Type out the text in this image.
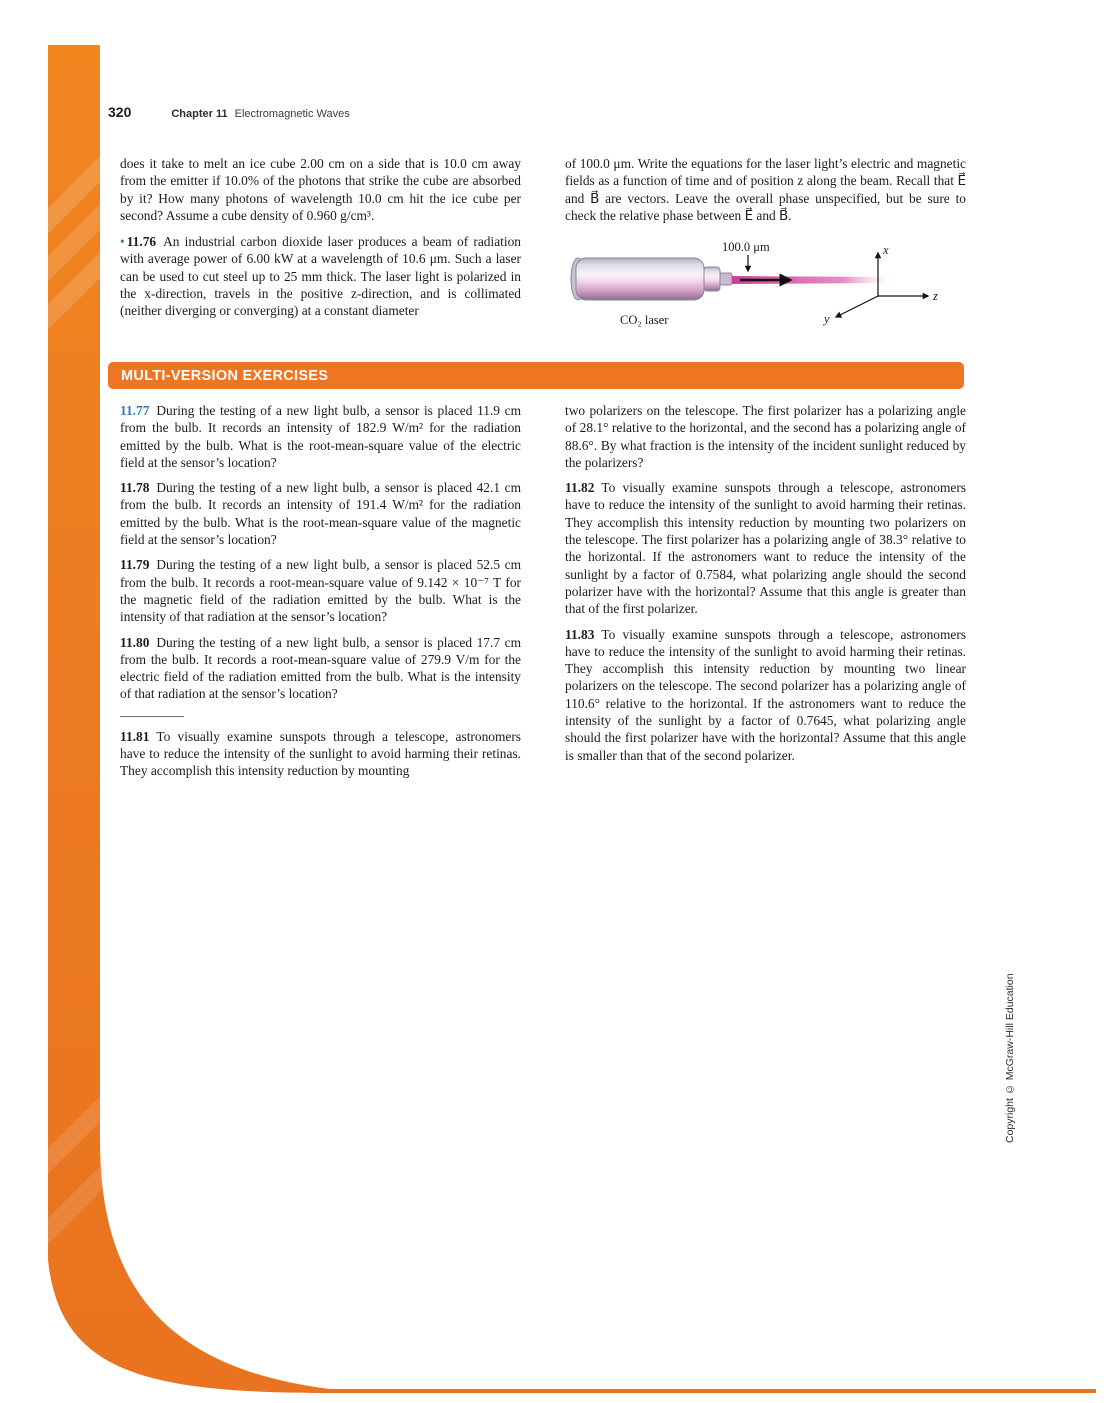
320	Chapter 11 Electromagnetic Waves

does it take to melt an ice cube 2.00 cm on a side that is 10.0 cm away from the emitter if 10.0% of the photons that strike the cube are absorbed by it? How many photons of wavelength 10.0 cm hit the ice cube per second? Assume a cube density of 0.960 g/cm³.

• 11.76 An industrial carbon dioxide laser produces a beam of radiation with average power of 6.00 kW at a wavelength of 10.6 μm. Such a laser can be used to cut steel up to 25 mm thick. The laser light is polarized in the x-direction, travels in the positive z-direction, and is collimated (neither diverging or converging) at a constant diameter

of 100.0 μm. Write the equations for the laser light’s electric and magnetic fields as a function of time and of position z along the beam. Recall that E⃗ and B⃗ are vectors. Leave the overall phase unspecified, but be sure to check the relative phase between E⃗ and B⃗.

100.0 μm
CO₂ laser
x
z
y
MULTI-VERSION EXERCISES
11.77 During the testing of a new light bulb, a sensor is placed 11.9 cm from the bulb. It records an intensity of 182.9 W/m² for the radiation emitted by the bulb. What is the root-mean-square value of the electric field at the sensor’s location?
11.78 During the testing of a new light bulb, a sensor is placed 42.1 cm from the bulb. It records an intensity of 191.4 W/m² for the radiation emitted by the bulb. What is the root-mean-square value of the magnetic field at the sensor’s location?
11.79 During the testing of a new light bulb, a sensor is placed 52.5 cm from the bulb. It records a root-mean-square value of 9.142 × 10⁻⁷ T for the magnetic field of the radiation emitted by the bulb. What is the intensity of that radiation at the sensor’s location?
11.80 During the testing of a new light bulb, a sensor is placed 17.7 cm from the bulb. It records a root-mean-square value of 279.9 V/m for the electric field of the radiation emitted from the bulb. What is the intensity of that radiation at the sensor’s location?
11.81 To visually examine sunspots through a telescope, astronomers have to reduce the intensity of the sunlight to avoid harming their retinas. They accomplish this intensity reduction by mounting

two polarizers on the telescope. The first polarizer has a polarizing angle of 28.1° relative to the horizontal, and the second has a polarizing angle of 88.6°. By what fraction is the intensity of the incident sunlight reduced by the polarizers?

11.82 To visually examine sunspots through a telescope, astronomers have to reduce the intensity of the sunlight to avoid harming their retinas. They accomplish this intensity reduction by mounting two polarizers on the telescope. The first polarizer has a polarizing angle of 38.3° relative to the horizontal. If the astronomers want to reduce the intensity of the sunlight by a factor of 0.7584, what polarizing angle should the second polarizer have with the horizontal? Assume that this angle is greater than that of the first polarizer.
11.83 To visually examine sunspots through a telescope, astronomers have to reduce the intensity of the sunlight to avoid harming their retinas. They accomplish this intensity reduction by mounting two linear polarizers on the telescope. The second polarizer has a polarizing angle of 110.6° relative to the horizontal. If the astronomers want to reduce the intensity of the sunlight by a factor of 0.7645, what polarizing angle should the first polarizer have with the horizontal? Assume that this angle is smaller than that of the second polarizer.
Copyright © McGraw-Hill Education
